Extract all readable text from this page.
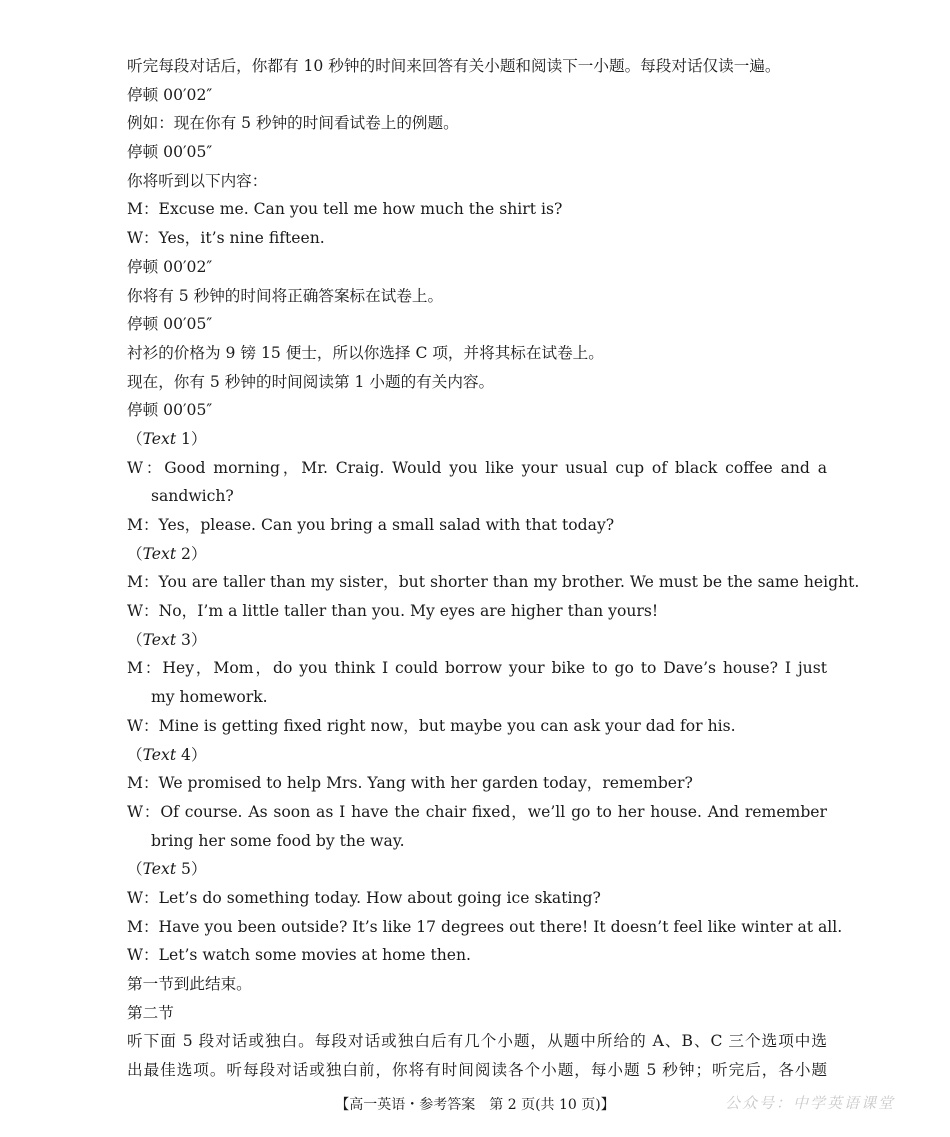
听完每段对话后，你都有 10 秒钟的时间来回答有关小题和阅读下一小题。每段对话仅读一遍。
停顿 00′02″
例如：现在你有 5 秒钟的时间看试卷上的例题。
停顿 00′05″
你将听到以下内容：
M：Excuse me. Can you tell me how much the shirt is?
W：Yes，it’s nine fifteen.
停顿 00′02″
你将有 5 秒钟的时间将正确答案标在试卷上。
停顿 00′05″
衬衫的价格为 9 镑 15 便士，所以你选择 C 项，并将其标在试卷上。
现在，你有 5 秒钟的时间阅读第 1 小题的有关内容。
停顿 00′05″
（Text 1）
W：Good morning，Mr. Craig. Would you like your usual cup of black coffee and a
sandwich?
M：Yes，please. Can you bring a small salad with that today?
（Text 2）
M：You are taller than my sister，but shorter than my brother. We must be the same height.
W：No，I’m a little taller than you. My eyes are higher than yours!
（Text 3）
M：Hey，Mom，do you think I could borrow your bike to go to Dave’s house? I just
my homework.
W：Mine is getting fixed right now，but maybe you can ask your dad for his.
（Text 4）
M：We promised to help Mrs. Yang with her garden today，remember?
W：Of course. As soon as I have the chair fixed，we’ll go to her house. And remember
bring her some food by the way.
（Text 5）
W：Let’s do something today. How about going ice skating?
M：Have you been outside? It’s like 17 degrees out there! It doesn’t feel like winter at all.
W：Let’s watch some movies at home then.
第一节到此结束。
第二节
听下面 5 段对话或独白。每段对话或独白后有几个小题，从题中所给的 A、B、C 三个选项中选
出最佳选项。听每段对话或独白前，你将有时间阅读各个小题，每小题 5 秒钟；听完后，各小题
【高一英语・参考答案　第 2 页(共 10 页)】	公众号：中学英语课堂
